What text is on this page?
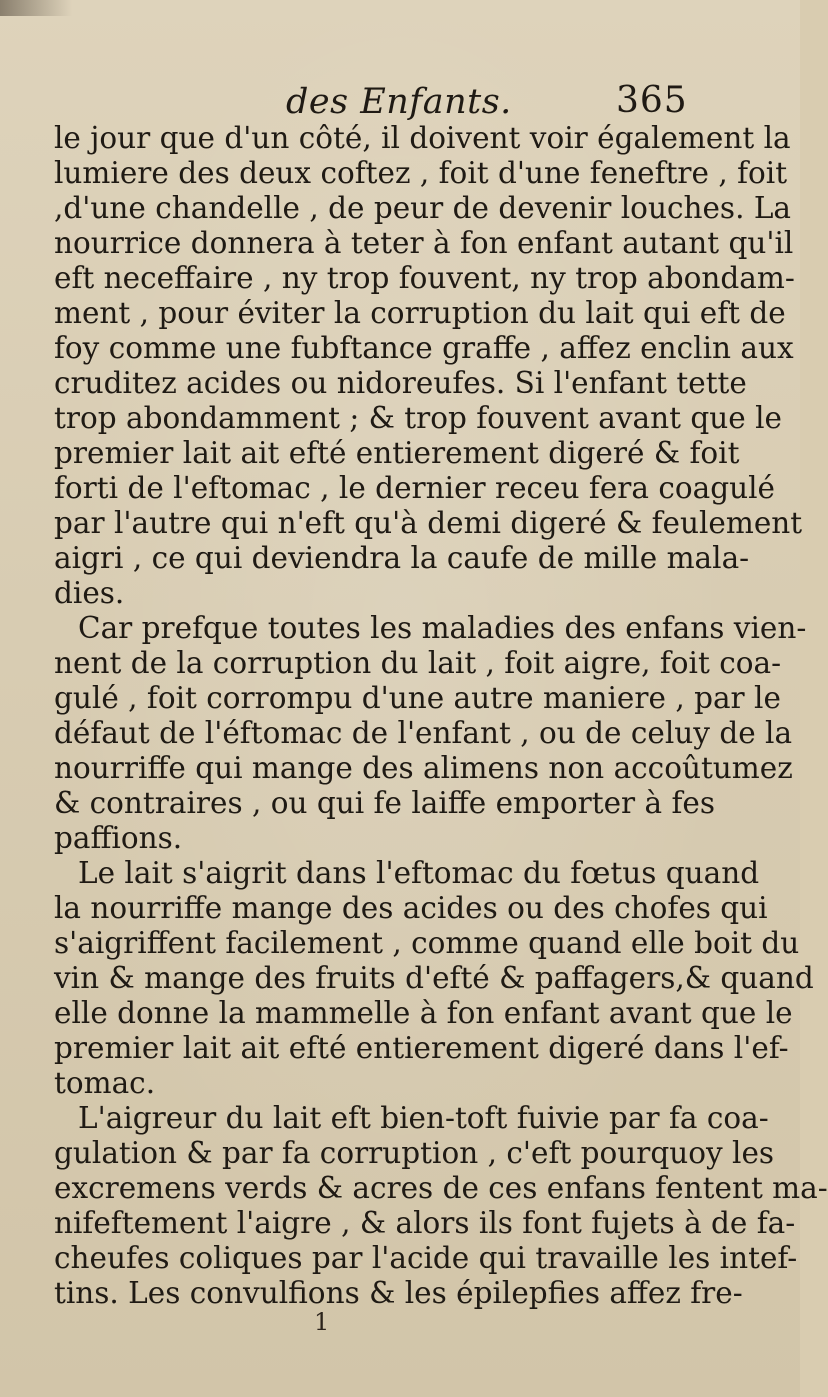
des Enfants.	365
le jour que d'un côté, il doivent voir également la
lumiere des deux coftez , foit d'une feneftre , foit
,d'une chandelle , de peur de devenir louches. La
nourrice donnera à teter à fon enfant autant qu'il
eft neceffaire , ny trop fouvent, ny trop abondam-
ment , pour éviter la corruption du lait qui eft de
foy comme une fubftance graffe , affez enclin aux
cruditez acides ou nidoreufes. Si l'enfant tette
trop abondamment ; & trop fouvent avant que le
premier lait ait efté entierement digeré & foit
forti de l'eftomac , le dernier receu fera coagulé
par l'autre qui n'eft qu'à demi digeré & feulement
aigri , ce qui deviendra la caufe de mille mala-
dies.
Car prefque toutes les maladies des enfans vien-
nent de la corruption du lait , foit aigre, foit coa-
gulé , foit corrompu d'une autre maniere , par le
défaut de l'éftomac de l'enfant , ou de celuy de la
nourriffe qui mange des alimens non accoûtumez
& contraires , ou qui fe laiffe emporter à fes
paffions.
Le lait s'aigrit dans l'eftomac du fœtus quand
la nourriffe mange des acides ou des chofes qui
s'aigriffent facilement , comme quand elle boit du
vin & mange des fruits d'efté & paffagers,& quand
elle donne la mammelle à fon enfant avant que le
premier lait ait efté entierement digeré dans l'ef-
tomac.
L'aigreur du lait eft bien-toft fuivie par fa coa-
gulation & par fa corruption , c'eft pourquoy les
excremens verds & acres de ces enfans fentent ma-
nifeftement l'aigre , & alors ils font fujets à de fa-
cheufes coliques par l'acide qui travaille les intef-
tins. Les convulfions & les épilepfies affez fre-
1
